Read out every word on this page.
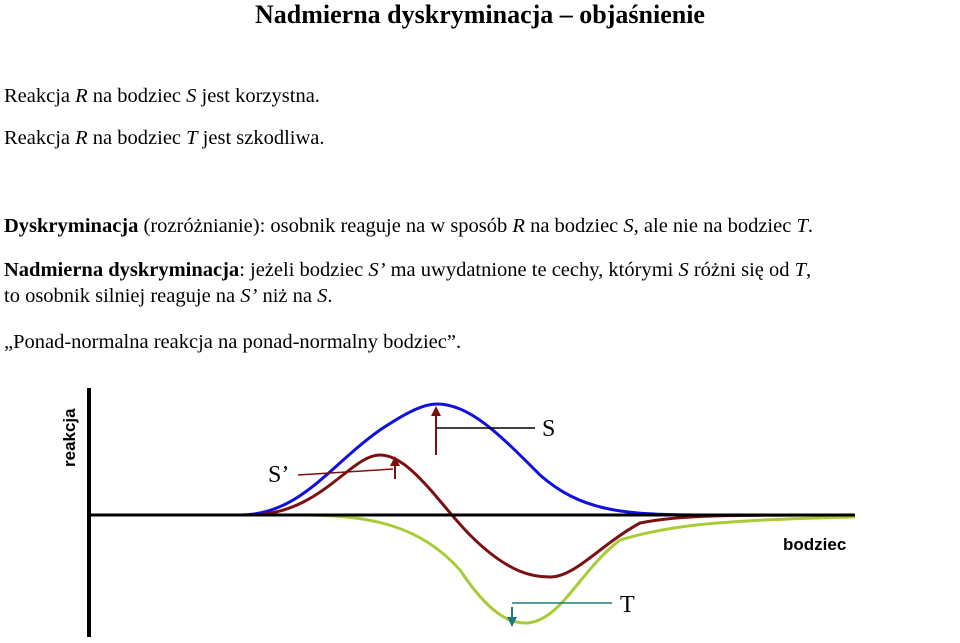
Nadmierna dyskryminacja – objaśnienie
Reakcja R na bodziec S jest korzystna.
Reakcja R na bodziec T jest szkodliwa.
Dyskryminacja (rozróżnianie): osobnik reaguje na w sposób R na bodziec S, ale nie na bodziec T.
Nadmierna dyskryminacja: jeżeli bodziec S’ ma uwydatnione te cechy, którymi S różni się od T,
to osobnik silniej reaguje na S’ niż na S.
„Ponad-normalna reakcja na ponad-normalny bodziec”.
reakcja
bodziec
S
S’
T
